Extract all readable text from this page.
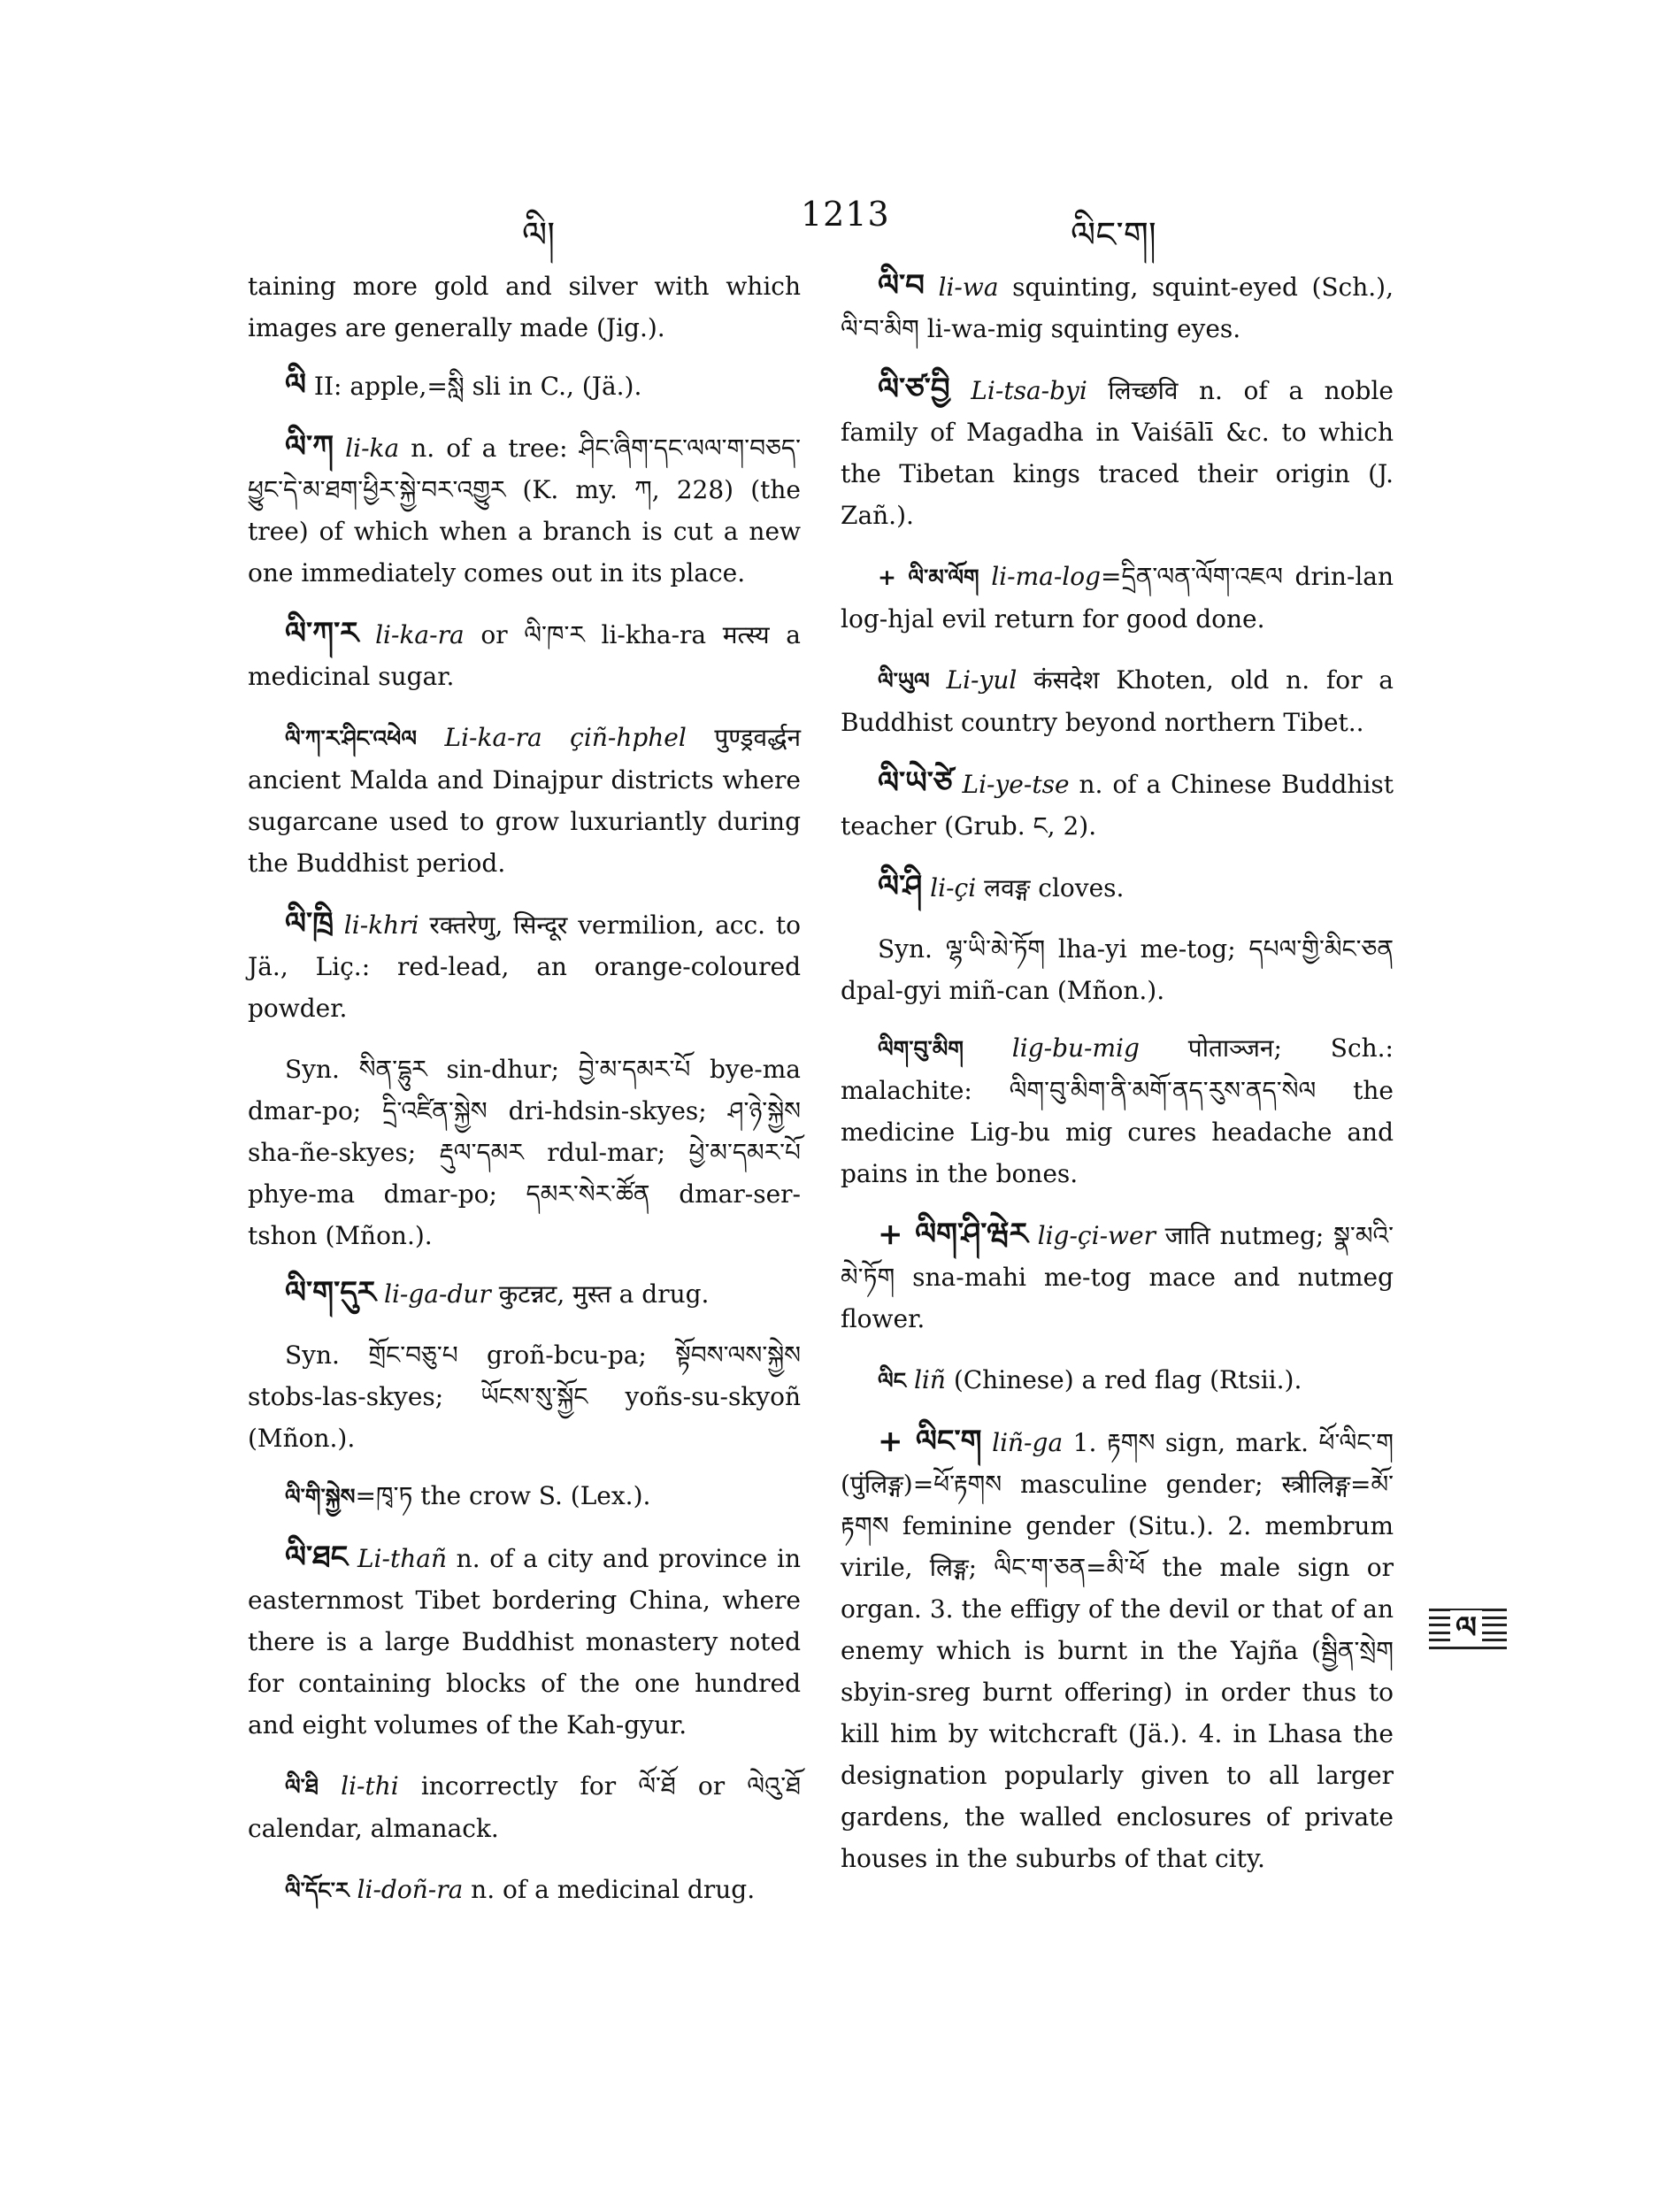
ལི།
1213
ལིང་ག།

taining more gold and silver with which images are generally made (Jig.).

ལི II: apple,=སླི sli in C., (Jä.).

ལི་ཀ li-ka n. of a tree: ཤིང་ཞིག་དང་ལལ་ག་བཅད་ཕྱུང་དེ་མ་ཐག་ཕྱིར་སྐྱེ་བར་འགྱུར (K. my. ཀ, 228) (the tree) of which when a branch is cut a new one immediately comes out in its place.

ལི་ཀ་ར li-ka-ra or ལི་ཁ་ར li-kha-ra मत्स्य a medicinal sugar.

ལི་ཀ་ར་ཤིང་འཕེལ Li-ka-ra çiñ-hphel पुण्ड्रवर्द्धन ancient Malda and Dinajpur districts where sugarcane used to grow luxuriantly during the Buddhist period.

ལི་ཁྲི li-khri रक्तरेणु, सिन्दूर vermilion, acc. to Jä., Liç.: red-lead, an orange-coloured powder.

Syn. སིན་དྷུར sin-dhur; བྱེ་མ་དམར་པོ bye-ma dmar-po; དྲི་འཛིན་སྐྱེས dri-hdsin-skyes; ཤ་ཉེ་སྐྱེས sha-ñe-skyes; རྡུལ་དམར rdul-mar; ཕྱེ་མ་དམར་པོ phye-ma dmar-po; དམར་སེར་ཚོན dmar-ser-tshon (Mñon.).

ལི་ག་དུར li-ga-dur कुटन्नट, मुस्त a drug.

Syn. གྲོང་བཅུ་པ groñ-bcu-pa; སྟོབས་ལས་སྐྱེས stobs-las-skyes; ཡོངས་སུ་སྐྱོང yoñs-su-skyoñ (Mñon.).

ལི་གི་སྐྱེས=ཁྭ་ཏ the crow S. (Lex.).

ལི་ཐང Li-thañ n. of a city and province in easternmost Tibet bordering China, where there is a large Buddhist monastery noted for containing blocks of the one hundred and eight volumes of the Kah-gyur.

ལི་ཐི li-thi incorrectly for ལོ་ཐོ or ལེའུ་ཐོ calendar, almanack.

ལི་དོང་ར li-doñ-ra n. of a medicinal drug.

ལི་བ li-wa squinting, squint-eyed (Sch.), ལི་བ་མིག li-wa-mig squinting eyes.

ལི་ཙ་བྱི Li-tsa-byi लिच्छवि n. of a noble family of Magadha in Vaiśālī &c. to which the Tibetan kings traced their origin (J. Zañ.).

+ ལི་མ་ལོག li-ma-log=དྲིན་ལན་ལོག་འཇལ drin-lan log-hjal evil return for good done.

ལི་ཡུལ Li-yul कंसदेश Khoten, old n. for a Buddhist country beyond northern Tibet..

ལི་ཡེ་ཙེ Li-ye-tse n. of a Chinese Buddhist teacher (Grub. ང, 2).

ལི་ཤི li-çi लवङ्ग cloves.

Syn. ལྷ་ཡི་མེ་ཏོག lha-yi me-tog; དཔལ་གྱི་མིང་ཅན dpal-gyi miñ-can (Mñon.).

ལིག་བུ་མིག lig-bu-mig पोताञ्जन; Sch.: malachite: ལིག་བུ་མིག་ནི་མགོ་ནད་རུས་ནད་སེལ the medicine Lig-bu mig cures headache and pains in the bones.

+ ལིག་ཤི་ཝེར lig-çi-wer जाति nutmeg; སྣ་མའི་མེ་ཏོག sna-mahi me-tog mace and nutmeg flower.

ལིང liñ (Chinese) a red flag (Rtsii.).

+ ལིང་ག liñ-ga 1. རྟགས sign, mark. ཕོ་ལིང་ག (पुंलिङ्ग)=ཕོ་རྟགས masculine gender; स्त्रीलिङ्ग=མོ་རྟགས feminine gender (Situ.). 2. membrum virile, लिङ्ग; ལིང་ག་ཅན=མི་ཕོ the male sign or organ. 3. the effigy of the devil or that of an enemy which is burnt in the Yajña (སྦྱིན་སྲེག sbyin-sreg burnt offering) in order thus to kill him by witchcraft (Jä.). 4. in Lhasa the designation popularly given to all larger gardens, the walled enclosures of private houses in the suburbs of that city.

ལ
